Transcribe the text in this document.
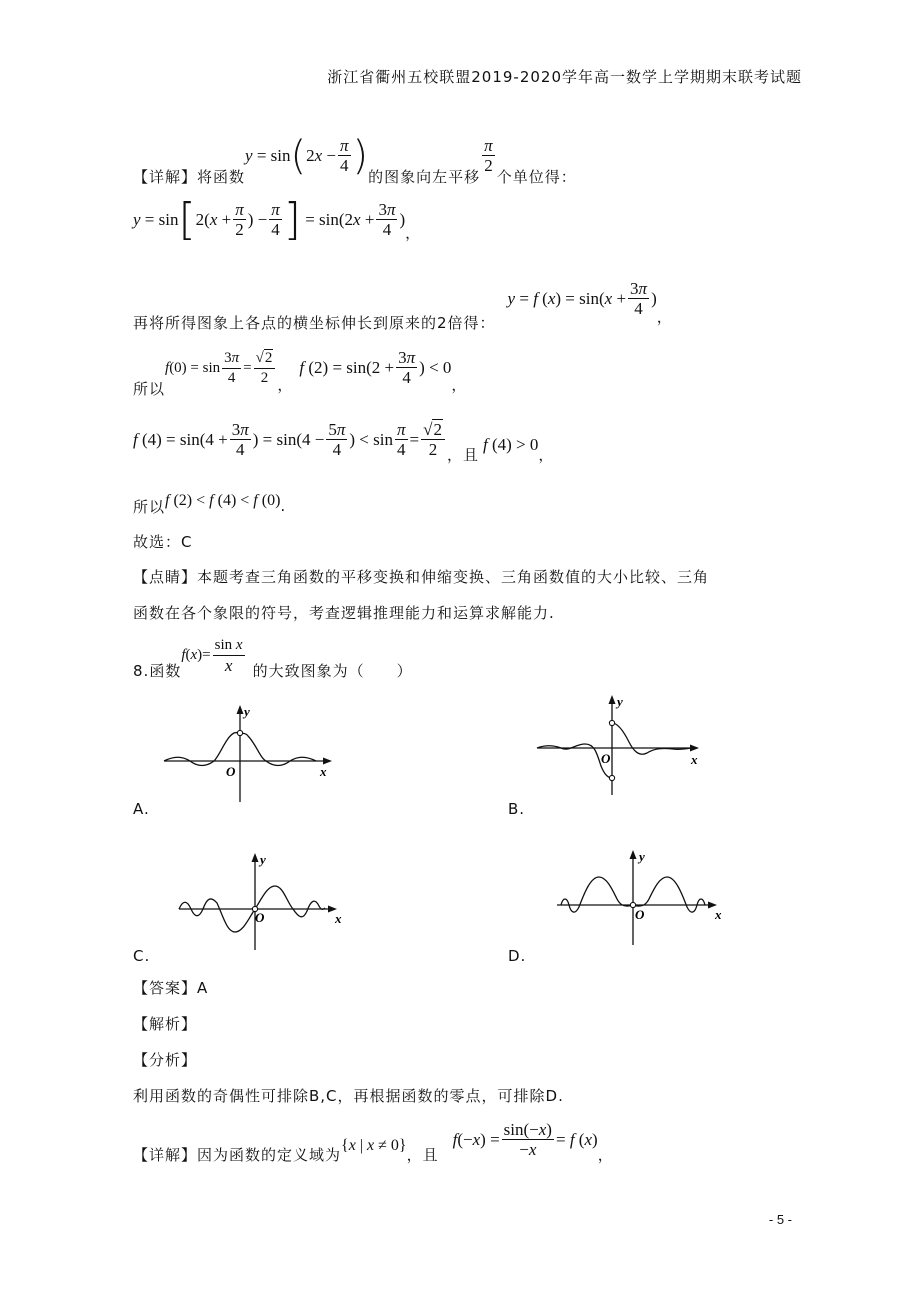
浙江省衢州五校联盟2019-2020学年高一数学上学期期末联考试题
【详解】 将函数
y = sin ( 2 $x - \frac{\pi}{4}$ ) 的图象向左平移
$\frac{\pi}{2}$
个单位得：
y = sin [ 2( $x + \frac{\pi}{2}$ ) − $\frac{\pi}{4}$ ] = sin(2 $x + \frac{3\pi}{4}$ )
，
再将所得图象上各点的横坐标伸长到原来的2倍得：
y = f ( x ) = sin( $x + \frac{3\pi}{4}$ )
，
所以
f $(0) = \sin \frac{3\pi}{4} = \frac{√2}{2}$ ，
f $(2) = \sin(2 + \frac{3\pi}{4}$ ) < 0
，
f $(4) = \sin(4 + \frac{3\pi}{4}$ ) = $\sin(4 - \frac{5\pi}{4}$ ) < $\sin \frac{\pi}{4} = \frac{√2}{2}$ ，且
f (4) > 0
，
所以 f (2) < f (4) < f (0) .
故选：C
【点睛】本题考查三角函数的平移变换和伸缩变换、三角函数值的大小比较、三角
函数在各个象限的符号，考查逻辑推理能力和运算求解能力.
8. 函数
f ( x )= $\frac{\text{sin x}}{x}$ 的大致图象为（　　）
y
O	x
A.
y
O	x
B.
y
O	x
C.
y
O	x
D.
【答案】A
【解析】
【分析】
利用函数的奇偶性可排除B,C，再根据函数的零点，可排除D.
【详解】 因为函数的定义域为
{x | x ≠ 0}
，且
f (− x ) = $\frac{\sin(-x)}{-x} = f$ ( x )
，
- 5 -
